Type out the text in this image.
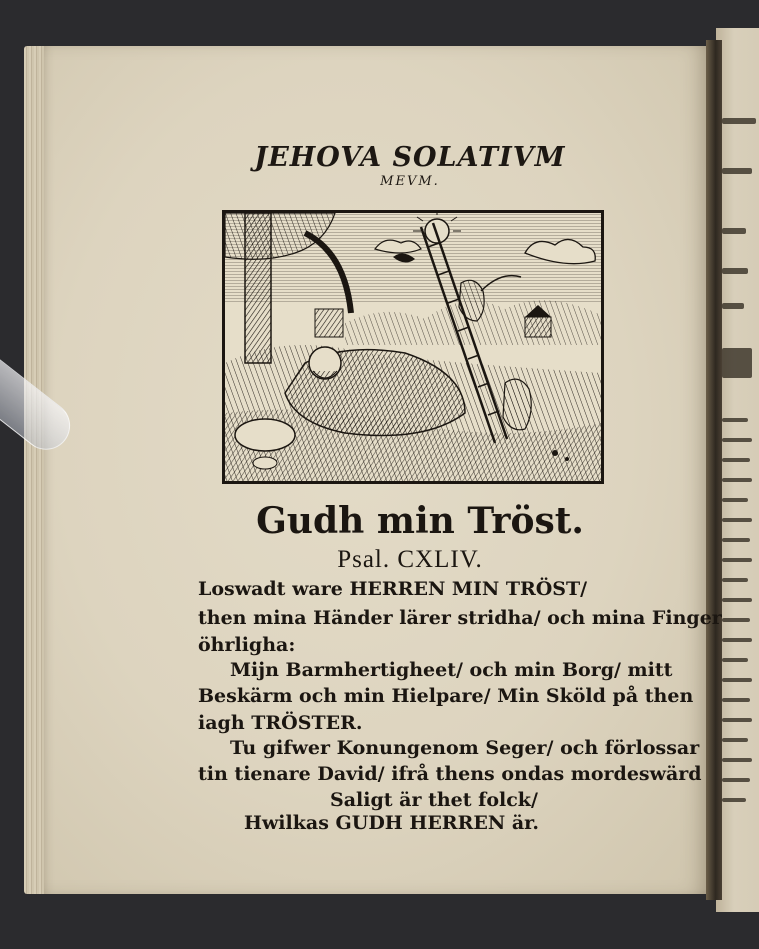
JEHOVA SOLATIVM
MEVM.
Gudh min Tröst.
Psal. CXLIV.
Loswadt ware HERREN MIN TRÖST/
then mina Händer lärer stridha/ och mina Finger
öhrligha:
Mijn Barmhertigheet/ och min Borg/ mitt
Beskärm och min Hielpare/ Min Sköld på then
iagh TRÖSTER.
Tu gifwer Konungenom Seger/ och förlossar
tin tienare David/ ifrå thens ondas mordeswärd
Saligt är thet folck/
Hwilkas GUDH HERREN är.
